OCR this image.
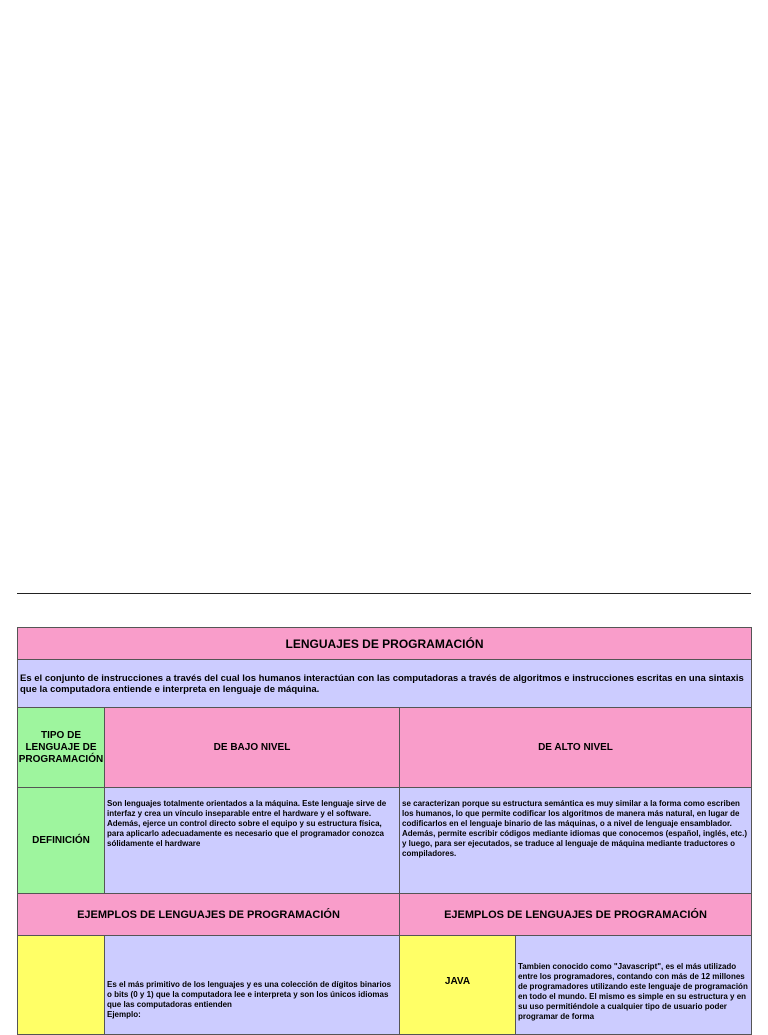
LENGUAJES DE PROGRAMACIÓN
Es el conjunto de instrucciones a través del cual los humanos interactúan con las computadoras a través de algoritmos e instrucciones escritas en una sintaxis que la computadora entiende e interpreta en lenguaje de máquina.
TIPO DE LENGUAJE DE PROGRAMACIÓN
DE BAJO NIVEL	DE ALTO NIVEL
DEFINICIÓN
Son lenguajes totalmente orientados a la máquina. Este lenguaje sirve de interfaz y crea un vínculo inseparable entre el hardware y el software. Además, ejerce un control directo sobre el equipo y su estructura física, para aplicarlo adecuadamente es necesario que el programador conozca sólidamente el hardware
se caracterizan porque su estructura semántica es muy similar a la forma como escriben los humanos, lo que permite codificar los algoritmos de manera más natural, en lugar de codificarlos en el lenguaje binario de las máquinas, o a nivel de lenguaje ensamblador. Además, permite escribir códigos mediante idiomas que conocemos (español, inglés, etc.) y luego, para ser ejecutados, se traduce al lenguaje de máquina mediante traductores o compiladores.
EJEMPLOS DE LENGUAJES DE PROGRAMACIÓN	EJEMPLOS DE LENGUAJES DE PROGRAMACIÓN
Es el más primitivo de los lenguajes y es una colección de dígitos binarios o bits (0 y 1) que la computadora lee e interpreta y son los únicos idiomas que las computadoras entienden
Ejemplo:
JAVA
Tambien conocido como "Javascript", es el más utilizado entre los programadores, contando con más de 12 millones de programadores utilizando este lenguaje de programación en todo el mundo. El mismo es simple en su estructura y en su uso permitiéndole a cualquier tipo de usuario poder programar de forma
